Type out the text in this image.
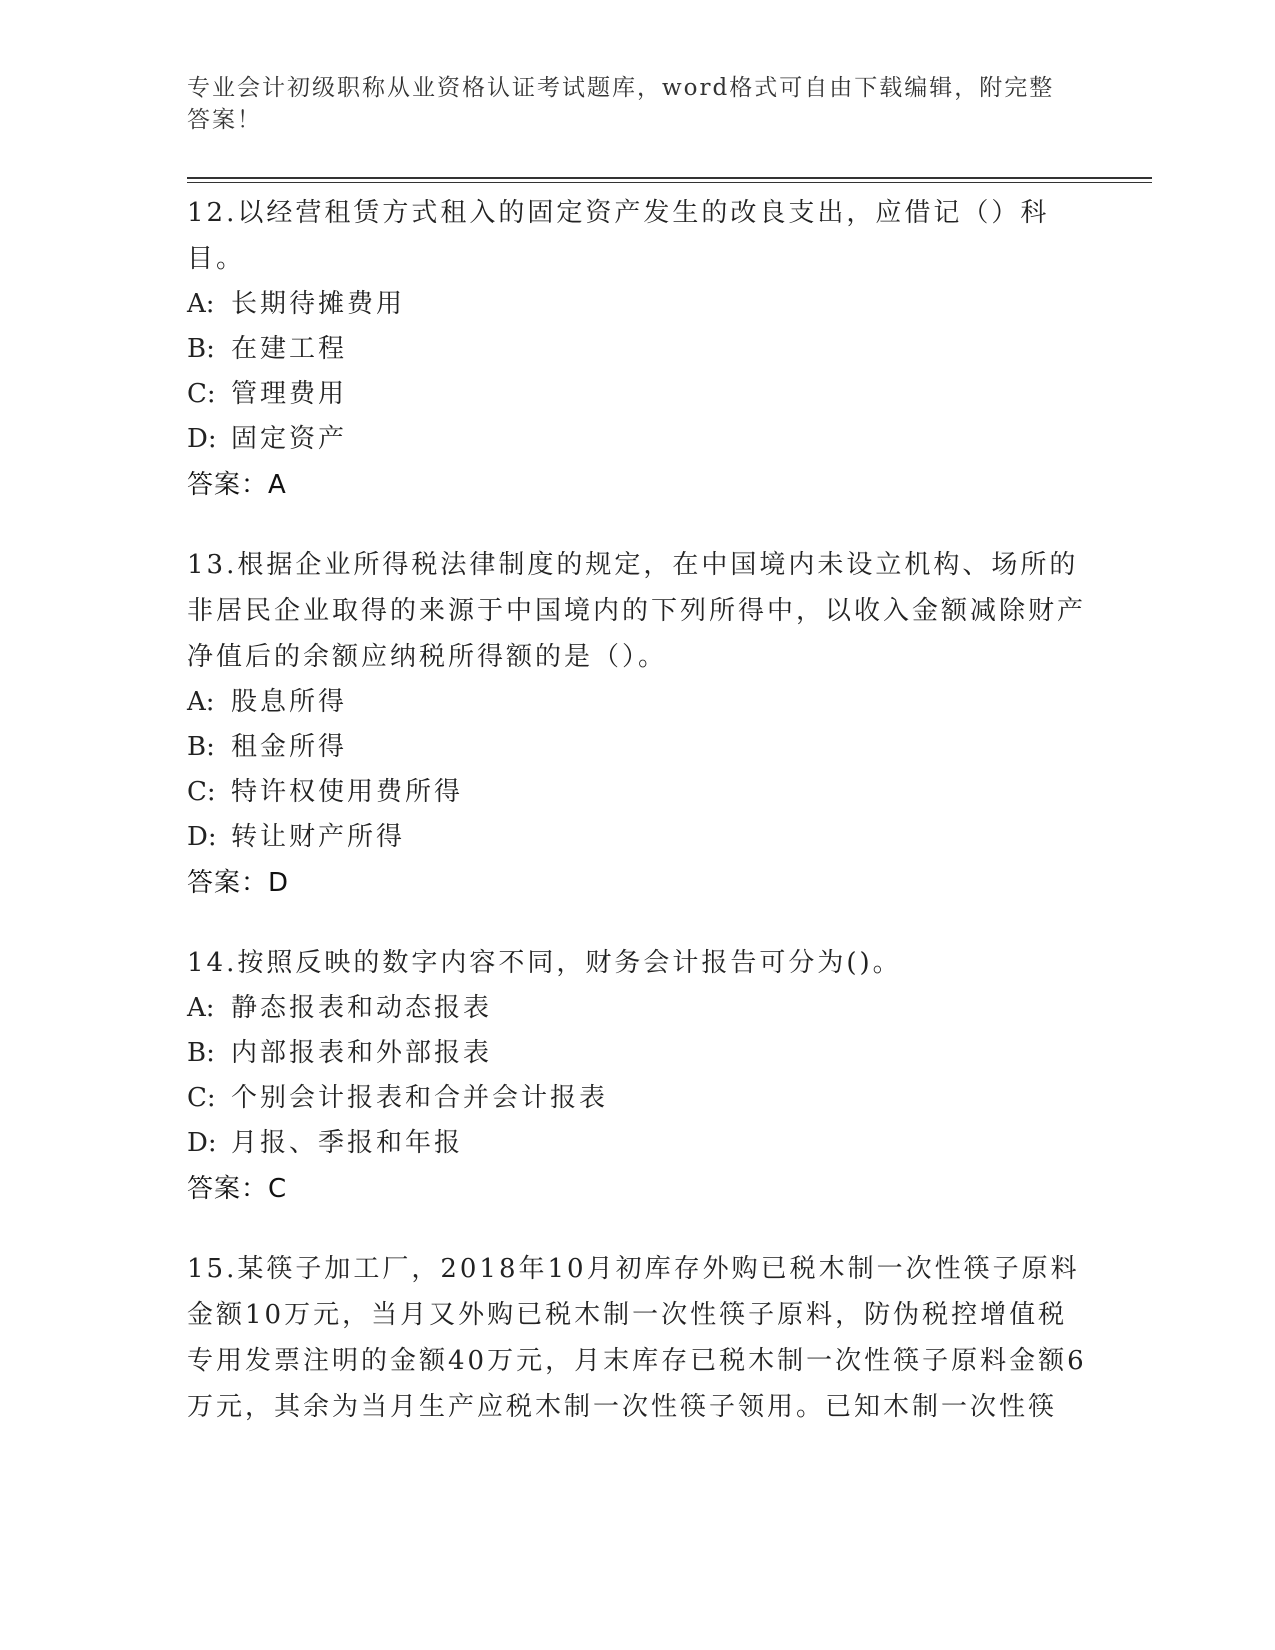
专业会计初级职称从业资格认证考试题库，word格式可自由下载编辑，附完整答案！
12.以经营租赁方式租入的固定资产发生的改良支出，应借记（）科目。
A: 长期待摊费用
B: 在建工程
C: 管理费用
D: 固定资产
答案：A
13.根据企业所得税法律制度的规定，在中国境内未设立机构、场所的非居民企业取得的来源于中国境内的下列所得中，以收入金额减除财产净值后的余额应纳税所得额的是（）。
A: 股息所得
B: 租金所得
C: 特许权使用费所得
D: 转让财产所得
答案：D
14.按照反映的数字内容不同，财务会计报告可分为()。
A: 静态报表和动态报表
B: 内部报表和外部报表
C: 个别会计报表和合并会计报表
D: 月报、季报和年报
答案：C
15.某筷子加工厂，2018年10月初库存外购已税木制一次性筷子原料金额10万元，当月又外购已税木制一次性筷子原料，防伪税控增值税专用发票注明的金额40万元，月末库存已税木制一次性筷子原料金额6万元，其余为当月生产应税木制一次性筷子领用。已知木制一次性筷
